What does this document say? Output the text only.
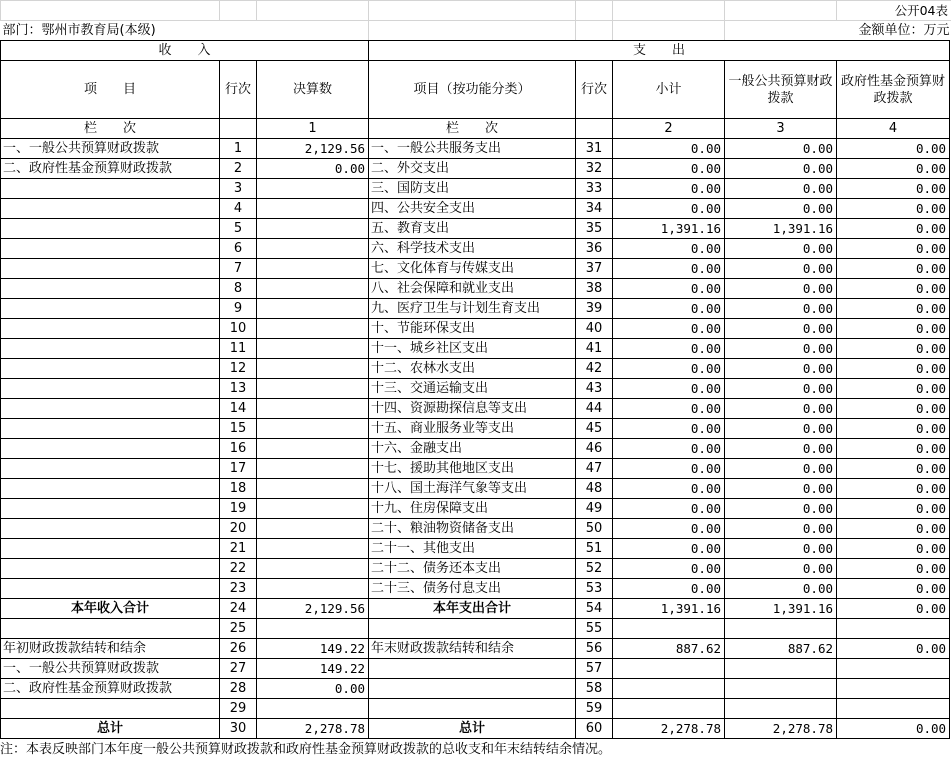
							公开04表
部门：鄂州市教育局(本级)						金额单位：万元	
收　　入			支　　出				
项　　目	行次	决算数	项目（按功能分类）	行次	小计	一般公共预算财政拨款	政府性基金预算财政拨款
栏　　次		1	栏　　次		2	3	4
一、一般公共预算财政拨款	1	2,129.56	一、一般公共服务支出	31	0.00	0.00	0.00
二、政府性基金预算财政拨款	2	0.00	二、外交支出	32	0.00	0.00	0.00
	3		三、国防支出	33	0.00	0.00	0.00
	4		四、公共安全支出	34	0.00	0.00	0.00
	5		五、教育支出	35	1,391.16	1,391.16	0.00
	6		六、科学技术支出	36	0.00	0.00	0.00
	7		七、文化体育与传媒支出	37	0.00	0.00	0.00
	8		八、社会保障和就业支出	38	0.00	0.00	0.00
	9		九、医疗卫生与计划生育支出	39	0.00	0.00	0.00
	10		十、节能环保支出	40	0.00	0.00	0.00
	11		十一、城乡社区支出	41	0.00	0.00	0.00
	12		十二、农林水支出	42	0.00	0.00	0.00
	13		十三、交通运输支出	43	0.00	0.00	0.00
	14		十四、资源勘探信息等支出	44	0.00	0.00	0.00
	15		十五、商业服务业等支出	45	0.00	0.00	0.00
	16		十六、金融支出	46	0.00	0.00	0.00
	17		十七、援助其他地区支出	47	0.00	0.00	0.00
	18		十八、国土海洋气象等支出	48	0.00	0.00	0.00
	19		十九、住房保障支出	49	0.00	0.00	0.00
	20		二十、粮油物资储备支出	50	0.00	0.00	0.00
	21		二十一、其他支出	51	0.00	0.00	0.00
	22		二十二、债务还本支出	52	0.00	0.00	0.00
	23		二十三、债务付息支出	53	0.00	0.00	0.00
本年收入合计	24	2,129.56	本年支出合计	54	1,391.16	1,391.16	0.00
	25			55			
年初财政拨款结转和结余	26	149.22	年末财政拨款结转和结余	56	887.62	887.62	0.00
一、一般公共预算财政拨款	27	149.22		57			
二、政府性基金预算财政拨款	28	0.00		58			
	29			59			
总计	30	2,278.78	总计	60	2,278.78	2,278.78	0.00
注：本表反映部门本年度一般公共预算财政拨款和政府性基金预算财政拨款的总收支和年末结转结余情况。
